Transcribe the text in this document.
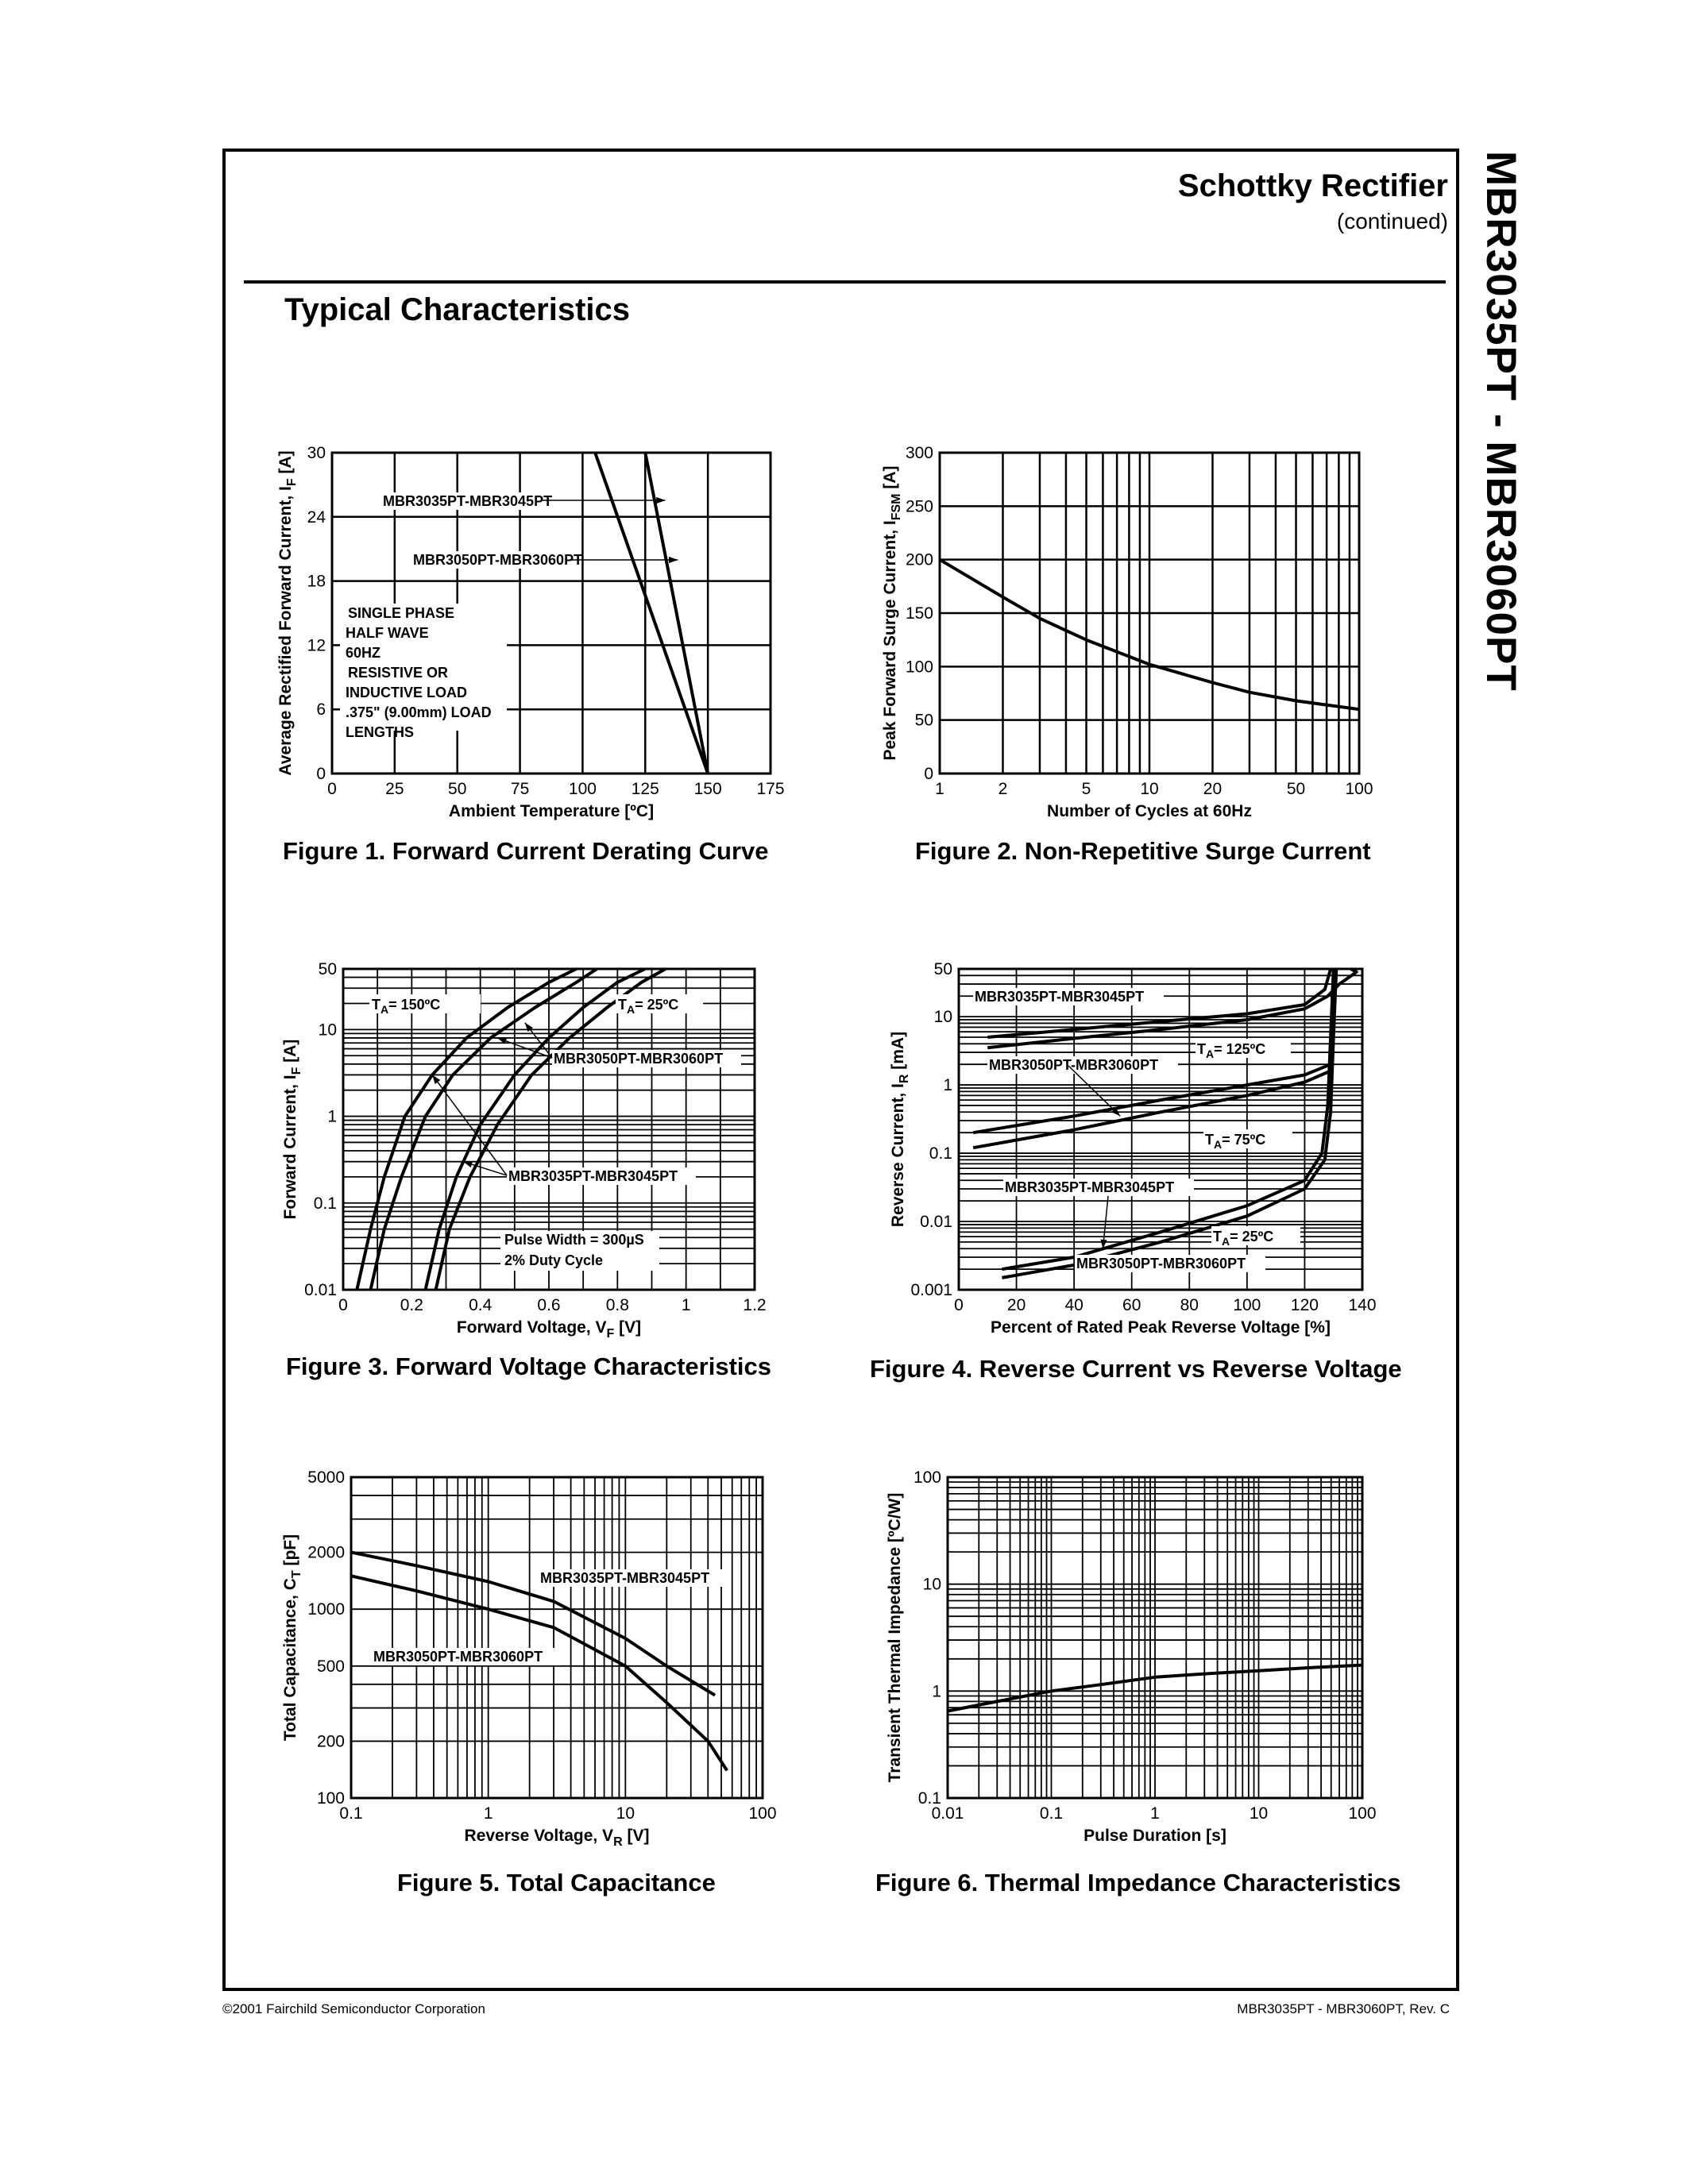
MBR3035PT - MBR3060PT
Schottky Rectifier
(continued)
Typical Characteristics
0	25	50	75 100 125 150 175
0
6
12
18
24
30
Ambient Temperature [ºC]
Average Rectified Forward Current, $I_F$ [A]
MBR3035PT-MBR3045PT
MBR3050PT-MBR3060PT
SINGLE PHASE
HALF WAVE
60HZ
RESISTIVE OR
INDUCTIVE LOAD
.375" (9.00mm) LOAD
LENGTHS
Figure 1. Forward Current Derating Curve
1	2	5	10	20	50 100
0
50
100
150
200
250
300
Number of Cycles at 60Hz
Peak Forward Surge Current, $I_{FSM}$ [A]
Figure 2. Non-Repetitive Surge Current
0	0.2	0.4	0.6	0.8	1	1.2
0.01
0.1
1
10
50
Forward Voltage, $V_F$ [V]
Forward Current, $I_F$ [A]
$T_A=$ 150ºC	$T_A=$ 25ºC
MBR3050PT-MBR3060PT
MBR3035PT-MBR3045PT
Pulse Width = 300µS
2% Duty Cycle
Figure 3. Forward Voltage Characteristics
0	20 40 60 80 100 120 140
0.001
0.01
0.1
1
10
50
Percent of Rated Peak Reverse Voltage [%]
Reverse Current, $I_R$ [mA]
MBR3035PT-MBR3045PT
$T_A=$ 125ºC
MBR3050PT-MBR3060PT
$T_A=$ 75ºC
MBR3035PT-MBR3045PT
$T_A=$ 25ºC
MBR3050PT-MBR3060PT
Figure 4. Reverse Current vs Reverse Voltage
0.1	1	10	100
100
200
500
1000
2000
5000
Reverse Voltage, $V_R$ [V]
Total Capacitance, $C_T$ [pF]
MBR3035PT-MBR3045PT
MBR3050PT-MBR3060PT
Figure 5. Total Capacitance
0.01	0.1	1	10	100
0.1
1
10
100
Pulse Duration [s]
Transient Thermal Impedance [ºC/W]
Figure 6. Thermal Impedance Characteristics
©2001 Fairchild Semiconductor Corporation	MBR3035PT - MBR3060PT, Rev. C
